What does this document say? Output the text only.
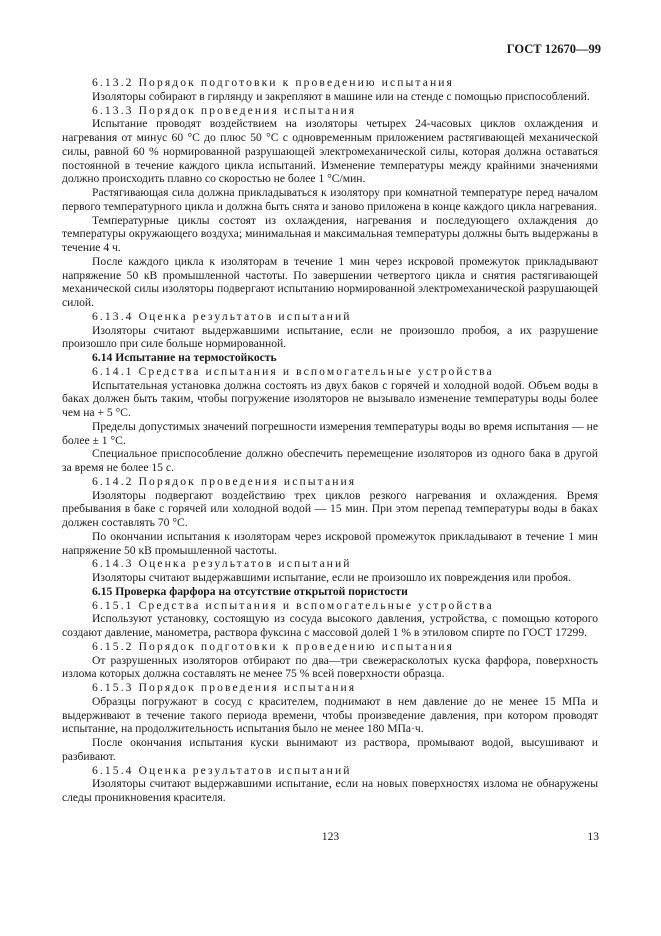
ГОСТ 12670—99

6.13.2 Порядок подготовки к проведению испытания

Изоляторы собирают в гирлянду и закрепляют в машине или на стенде с помощью приспособлений.

6.13.3 Порядок проведения испытания

Испытание проводят воздействием на изоляторы четырех 24-часовых циклов охлаждения и нагревания от минус 60 °С до плюс 50 °С с одновременным приложением растягивающей механической силы, равной 60 % нормированной разрушающей электромеханической силы, которая должна оставаться постоянной в течение каждого цикла испытаний. Изменение температуры между крайними значениями должно происходить плавно со скоростью не более 1 °С/мин.

Растягивающая сила должна прикладываться к изолятору при комнатной температуре перед началом первого температурного цикла и должна быть снята и заново приложена в конце каждого цикла нагревания.

Температурные циклы состоят из охлаждения, нагревания и последующего охлаждения до температуры окружающего воздуха; минимальная и максимальная температуры должны быть выдержаны в течение 4 ч.

После каждого цикла к изоляторам в течение 1 мин через искровой промежуток прикладывают напряжение 50 кВ промышленной частоты. По завершении четвертого цикла и снятия растягивающей механической силы изоляторы подвергают испытанию нормированной электромеханической разрушающей силой.

6.13.4 Оценка результатов испытаний

Изоляторы считают выдержавшими испытание, если не произошло пробоя, а их разрушение произошло при силе больше нормированной.

6.14 Испытание на термостойкость

6.14.1 Средства испытания и вспомогательные устройства

Испытательная установка должна состоять из двух баков с горячей и холодной водой. Объем воды в баках должен быть таким, чтобы погружение изоляторов не вызывало изменение температуры воды более чем на + 5 °С.

Пределы допустимых значений погрешности измерения температуры воды во время испытания — не более ± 1 °С.

Специальное приспособление должно обеспечить перемещение изоляторов из одного бака в другой за время не более 15 с.

6.14.2 Порядок проведения испытания

Изоляторы подвергают воздействию трех циклов резкого нагревания и охлаждения. Время пребывания в баке с горячей или холодной водой — 15 мин. При этом перепад температуры воды в баках должен составлять 70 °С.

По окончании испытания к изоляторам через искровой промежуток прикладывают в течение 1 мин напряжение 50 кВ промышленной частоты.

6.14.3 Оценка результатов испытаний

Изоляторы считают выдержавшими испытание, если не произошло их повреждения или пробоя.

6.15 Проверка фарфора на отсутствие открытой пористости

6.15.1 Средства испытания и вспомогательные устройства

Используют установку, состоящую из сосуда высокого давления, устройства, с помощью которого создают давление, манометра, раствора фуксина с массовой долей 1 % в этиловом спирте по ГОСТ 17299.

6.15.2 Порядок подготовки к проведению испытания

От разрушенных изоляторов отбирают по два—три свежерасколотых куска фарфора, поверхность излома которых должна составлять не менее 75 % всей поверхности образца.

6.15.3 Порядок проведения испытания

Образцы погружают в сосуд с красителем, поднимают в нем давление до не менее 15 МПа и выдерживают в течение такого периода времени, чтобы произведение давления, при котором проводят испытание, на продолжительность испытания было не менее 180 МПа·ч.

После окончания испытания куски вынимают из раствора, промывают водой, высушивают и разбивают.

6.15.4 Оценка результатов испытаний

Изоляторы считают выдержавшими испытание, если на новых поверхностях излома не обнаружены следы проникновения красителя.

123	13
